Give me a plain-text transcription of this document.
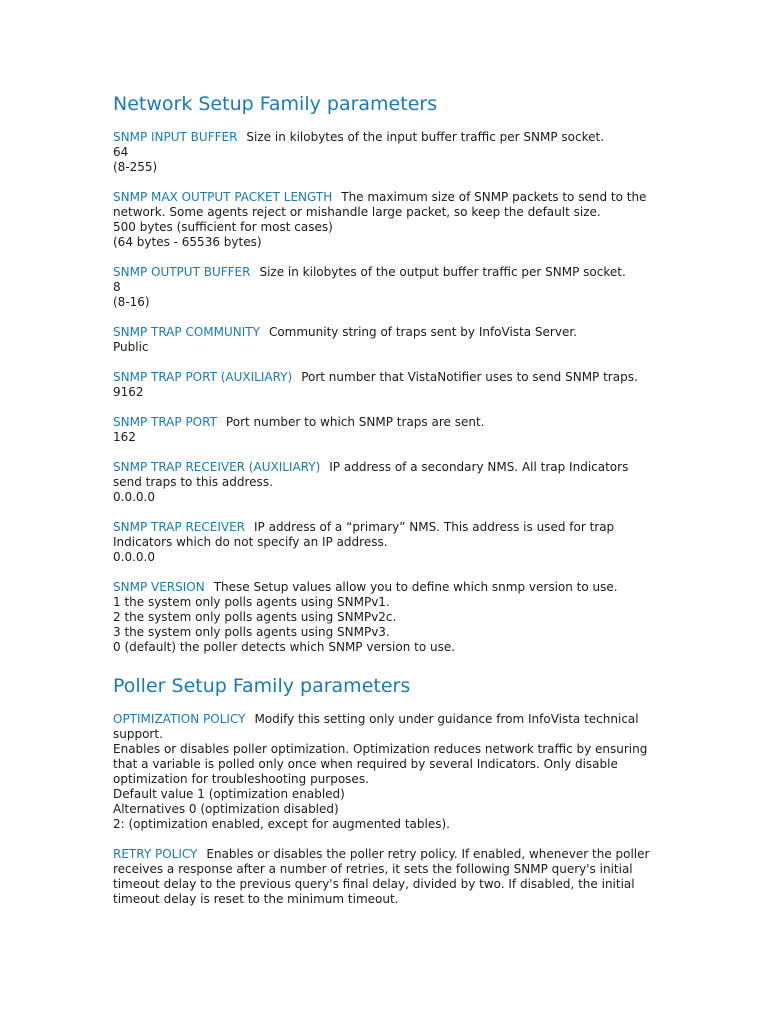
Network Setup Family parameters
SNMP INPUT BUFFER Size in kilobytes of the input buffer traffic per SNMP socket.
64
(8-255)
SNMP MAX OUTPUT PACKET LENGTH The maximum size of SNMP packets to send to the network. Some agents reject or mishandle large packet, so keep the default size.
500 bytes (sufficient for most cases)
(64 bytes - 65536 bytes)
SNMP OUTPUT BUFFER Size in kilobytes of the output buffer traffic per SNMP socket.
8
(8-16)
SNMP TRAP COMMUNITY Community string of traps sent by InfoVista Server.
Public
SNMP TRAP PORT (AUXILIARY) Port number that VistaNotifier uses to send SNMP traps.
9162
SNMP TRAP PORT Port number to which SNMP traps are sent.
162
SNMP TRAP RECEIVER (AUXILIARY) IP address of a secondary NMS. All trap Indicators send traps to this address.
0.0.0.0
SNMP TRAP RECEIVER IP address of a “primary” NMS. This address is used for trap Indicators which do not specify an IP address.
0.0.0.0
SNMP VERSION These Setup values allow you to define which snmp version to use.
1 the system only polls agents using SNMPv1.
2 the system only polls agents using SNMPv2c.
3 the system only polls agents using SNMPv3.
0 (default) the poller detects which SNMP version to use.
Poller Setup Family parameters
OPTIMIZATION POLICY Modify this setting only under guidance from InfoVista technical support.
Enables or disables poller optimization. Optimization reduces network traffic by ensuring that a variable is polled only once when required by several Indicators. Only disable optimization for troubleshooting purposes.
Default value 1 (optimization enabled)
Alternatives 0 (optimization disabled)
2: (optimization enabled, except for augmented tables).
RETRY POLICY Enables or disables the poller retry policy. If enabled, whenever the poller receives a response after a number of retries, it sets the following SNMP query's initial timeout delay to the previous query's final delay, divided by two. If disabled, the initial timeout delay is reset to the minimum timeout.
